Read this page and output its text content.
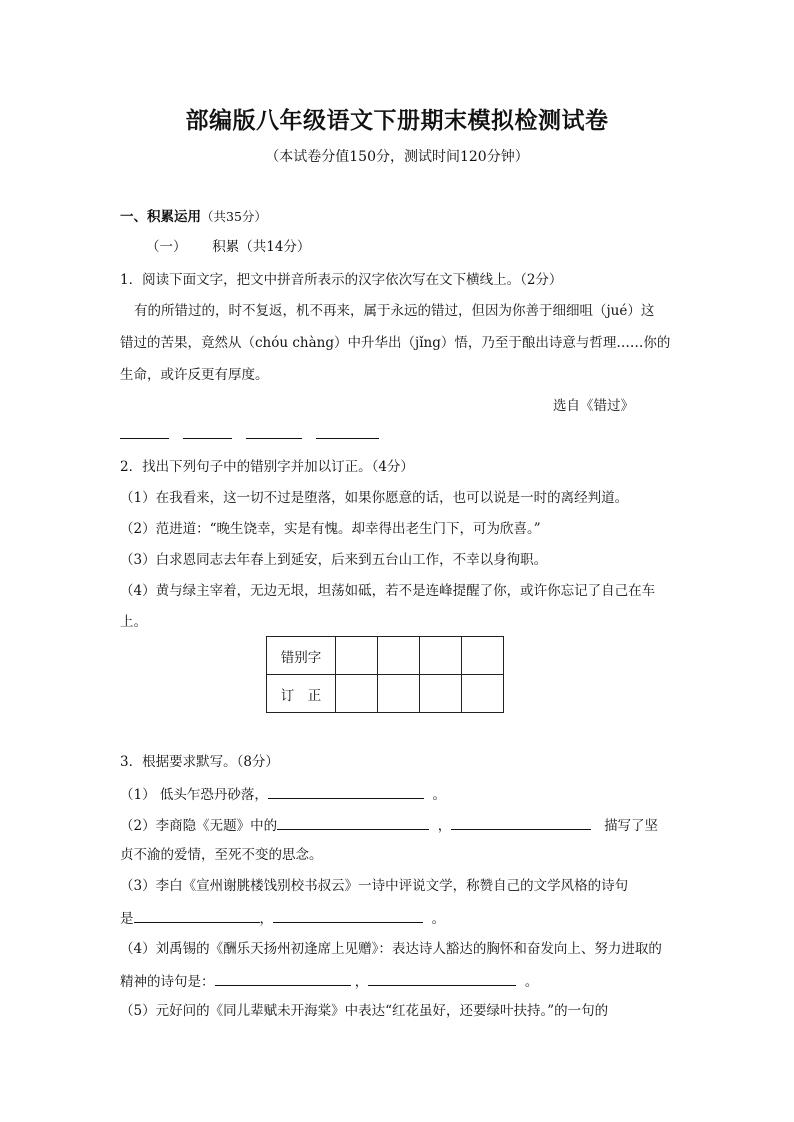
部编版八年级语文下册期末模拟检测试卷
（本试卷分值150分，测试时间120分钟）
一、积累运用（共35分）
（一）      积累（共14分）
1．阅读下面文字，把文中拼音所表示的汉字依次写在文下横线上。（2分）
有的所错过的，时不复返，机不再来，属于永远的错过，但因为你善于细细咀（jué）这
错过的苦果，竟然从（chóu chàng）中升华出（jǐng）悟，乃至于酿出诗意与哲理……你的
生命，或许反更有厚度。
选自《错过》
2．找出下列句子中的错别字并加以订正。（4分）
（1）在我看来，这一切不过是堕落，如果你愿意的话，也可以说是一时的离经判道。
（2）范进道：“晚生饶幸，实是有愧。却幸得出老生门下，可为欣喜。”
（3）白求恩同志去年春上到延安，后来到五台山工作，不幸以身徇职。
（4）黄与绿主宰着，无边无垠，坦荡如砥，若不是连峰提醒了你，或许你忘记了自己在车
上。
错别字				
订　正				
3．根据要求默写。（8分）
（1） 低头乍恐丹砂落，	。
（2）李商隐《无题》中的	，	描写了坚
贞不渝的爱情，至死不变的思念。
（3）李白《宣州谢朓楼饯别校书叔云》一诗中评说文学，称赞自己的文学风格的诗句
是	，	。
（4）刘禹锡的《酬乐天扬州初逢席上见赠》：表达诗人豁达的胸怀和奋发向上、努力进取的
精神的诗句是：	，	。
（5）元好问的《同儿辈赋未开海棠》中表达“红花虽好，还要绿叶扶持。”的一句的
